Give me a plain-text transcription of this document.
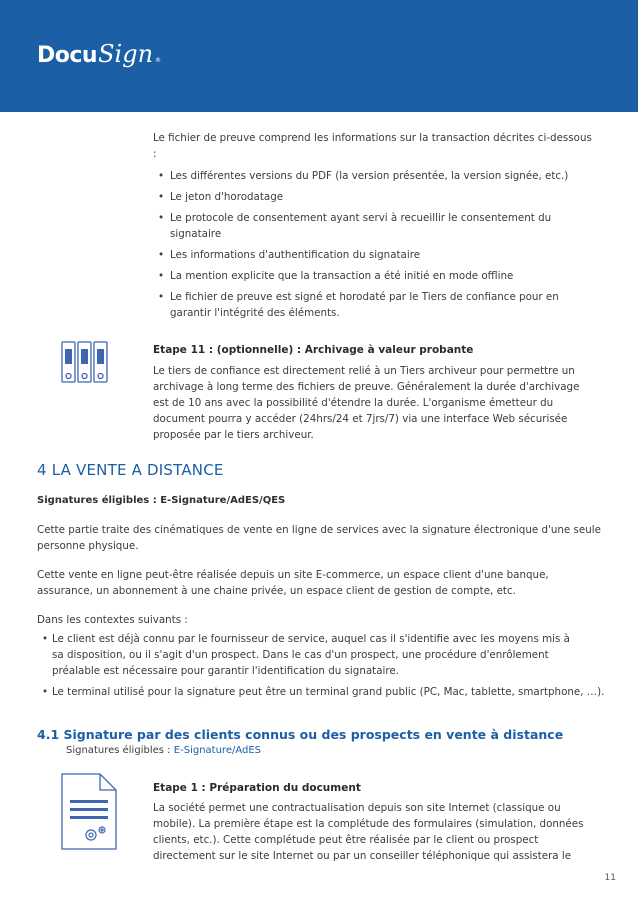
Docu Sign ®
Le fichier de preuve comprend les informations sur la transaction décrites ci-dessous :
• Les différentes versions du PDF (la version présentée, la version signée, etc.)
• Le jeton d'horodatage
• Le protocole de consentement ayant servi à recueillir le consentement du signataire
• Les informations d'authentification du signataire
• La mention explicite que la transaction a été initié en mode offline
• Le fichier de preuve est signé et horodaté par le Tiers de confiance pour en garantir l'intégrité des éléments.
Etape 11 : (optionnelle) : Archivage à valeur probante
Le tiers de confiance est directement relié à un Tiers archiveur pour permettre un archivage à long terme des fichiers de preuve. Généralement la durée d'archivage est de 10 ans avec la possibilité d'étendre la durée. L'organisme émetteur du document pourra y accéder (24hrs/24 et 7jrs/7) via une interface Web sécurisée proposée par le tiers archiveur.
4 LA VENTE A DISTANCE
Signatures éligibles : E-Signature/AdES/QES
Cette partie traite des cinématiques de vente en ligne de services avec la signature électronique d'une seule personne physique.
Cette vente en ligne peut-être réalisée depuis un site E-commerce, un espace client d'une banque, assurance, un abonnement à une chaine privée, un espace client de gestion de compte, etc.
Dans les contextes suivants :
• Le client est déjà connu par le fournisseur de service, auquel cas il s'identifie avec les moyens mis à sa disposition, ou il s'agit d'un prospect. Dans le cas d'un prospect, une procédure d'enrôlement préalable est nécessaire pour garantir l'identification du signataire.
• Le terminal utilisé pour la signature peut être un terminal grand public (PC, Mac, tablette, smartphone, …).
4.1 Signature par des clients connus ou des prospects en vente à distance
Signatures éligibles : E-Signature/AdES
Etape 1 : Préparation du document
La société permet une contractualisation depuis son site Internet (classique ou mobile). La première étape est la complétude des formulaires (simulation, données clients, etc.). Cette complétude peut être réalisée par le client ou prospect directement sur le site Internet ou par un conseiller téléphonique qui assistera le
11
